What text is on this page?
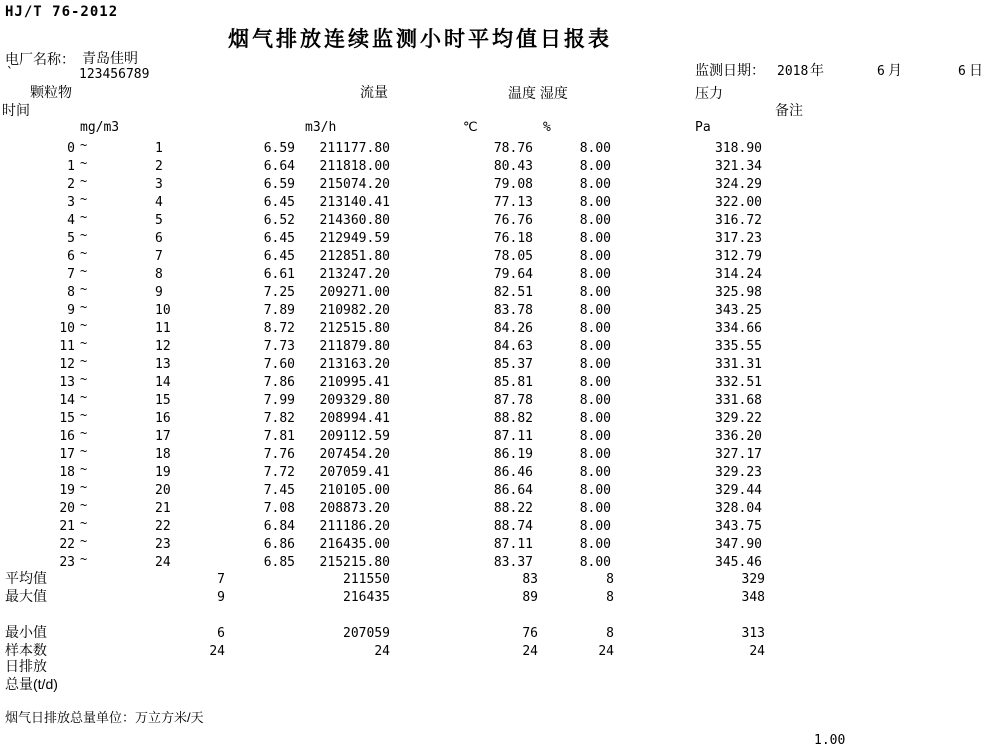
HJ/T 76-2012
烟气排放连续监测小时平均值日报表
电厂名称： 青岛佳明
`	123456789	监测日期： 2018 年	6 月	6 日
颗粒物	流量	温度 湿度	压力
时间	备注
mg/m3	m3/h	℃	%	Pa
0 ~	1	6.59	211177.80	78.76	8.00	318.90
1 ~	2	6.64	211818.00	80.43	8.00	321.34
2 ~	3	6.59	215074.20	79.08	8.00	324.29
3 ~	4	6.45	213140.41	77.13	8.00	322.00
4 ~	5	6.52	214360.80	76.76	8.00	316.72
5 ~	6	6.45	212949.59	76.18	8.00	317.23
6 ~	7	6.45	212851.80	78.05	8.00	312.79
7 ~	8	6.61	213247.20	79.64	8.00	314.24
8 ~	9	7.25	209271.00	82.51	8.00	325.98
9 ~	10	7.89	210982.20	83.78	8.00	343.25
10 ~	11	8.72	212515.80	84.26	8.00	334.66
11 ~	12	7.73	211879.80	84.63	8.00	335.55
12 ~	13	7.60	213163.20	85.37	8.00	331.31
13 ~	14	7.86	210995.41	85.81	8.00	332.51
14 ~	15	7.99	209329.80	87.78	8.00	331.68
15 ~	16	7.82	208994.41	88.82	8.00	329.22
16 ~	17	7.81	209112.59	87.11	8.00	336.20
17 ~	18	7.76	207454.20	86.19	8.00	327.17
18 ~	19	7.72	207059.41	86.46	8.00	329.23
19 ~	20	7.45	210105.00	86.64	8.00	329.44
20 ~	21	7.08	208873.20	88.22	8.00	328.04
21 ~	22	6.84	211186.20	88.74	8.00	343.75
22 ~	23	6.86	216435.00	87.11	8.00	347.90
23 ~	24	6.85	215215.80	83.37	8.00	345.46
平均值	7	211550	83	8	329
最大值	9	216435	89	8	348
最小值	6	207059	76	8	313
样本数	24	24	24	24	24
日排放
总量(t/d)
烟气日排放总量单位：万立方米/天
1.00
